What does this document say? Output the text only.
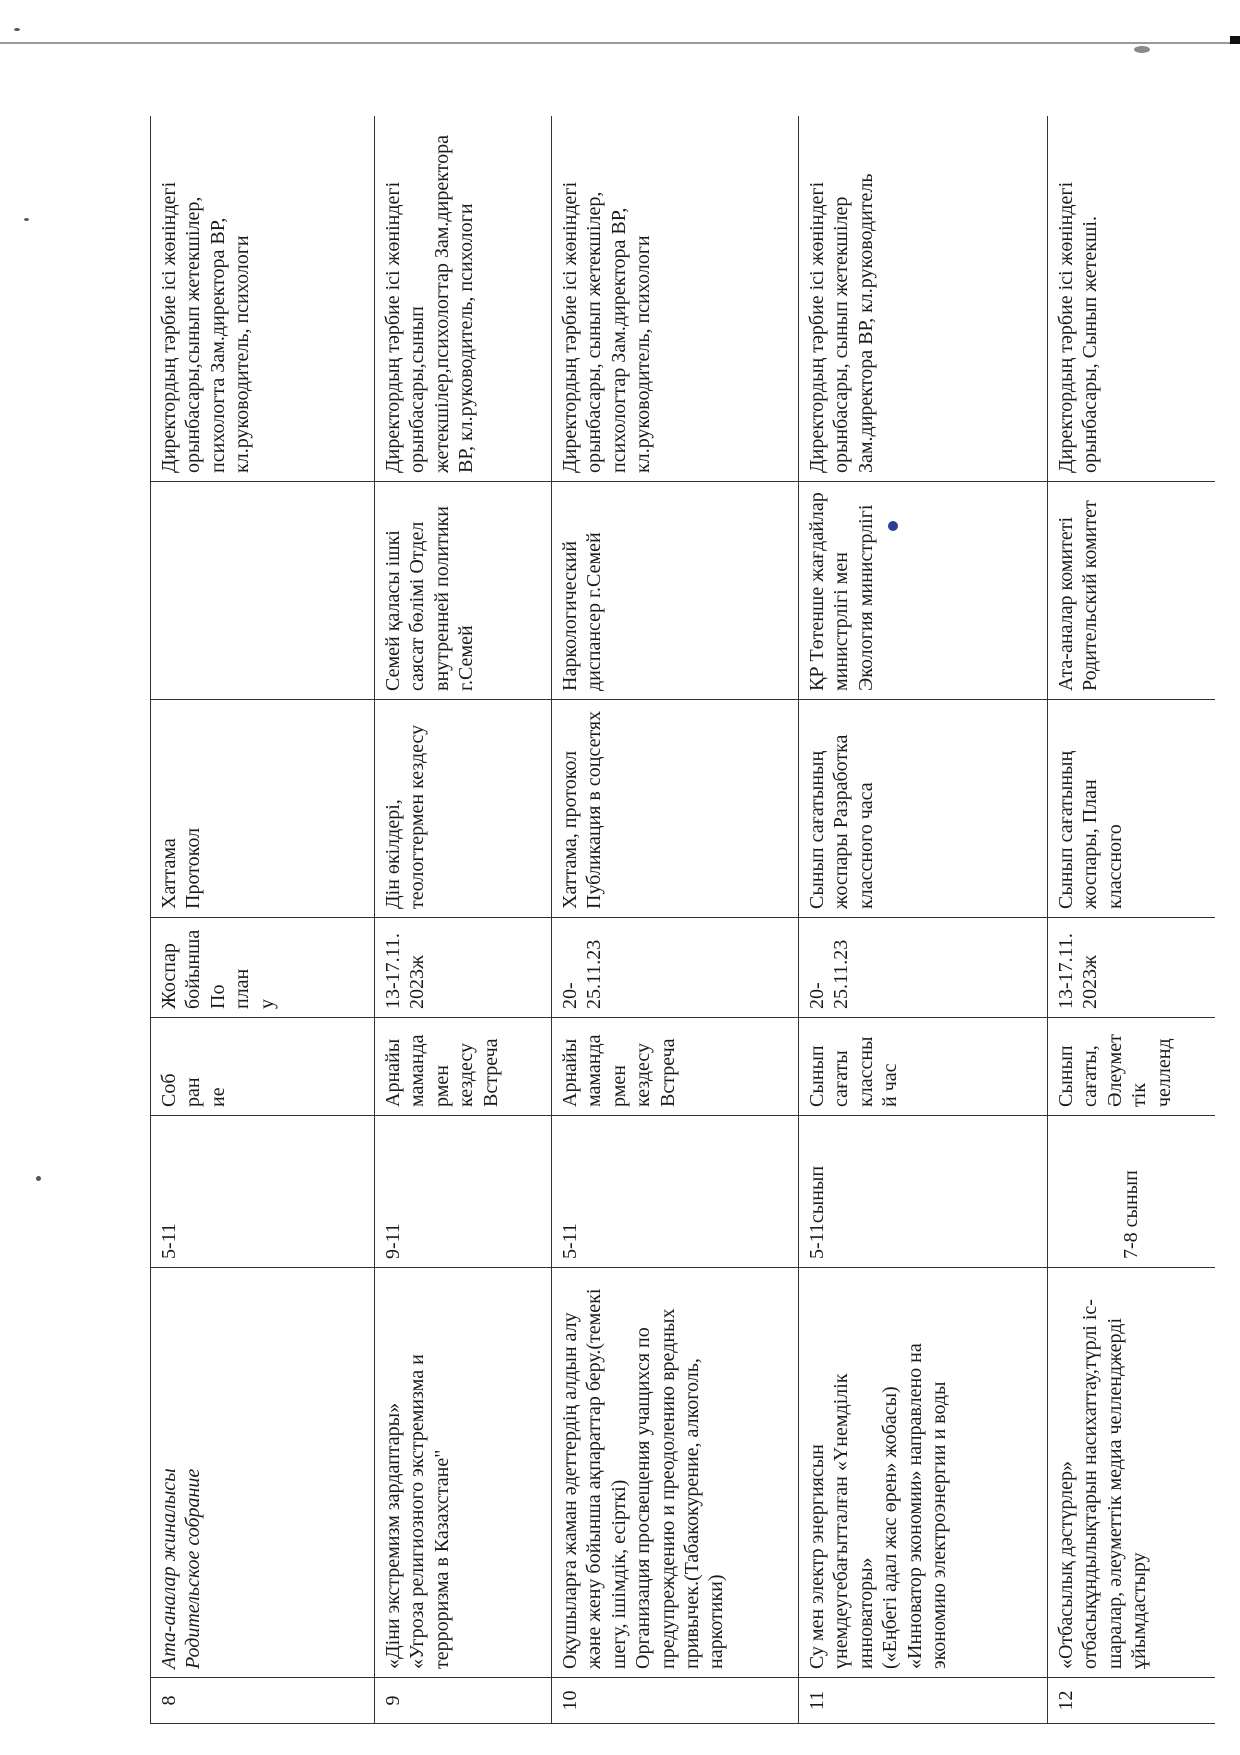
8	Ата-аналар жиналысы
Родительское собрание	5-11	Соб
ран
ие	Жоспар
бойынша
По
план
у	Хаттама
Протокол		Директордың тәрбие ісі жөніндегі орынбасары,сынып жетекшілер, психологта Зам.директора ВР, кл.руководитель, психологи
9	«Діни экстремизм зардаптары»
«Угроза религиозного экстремизма и терроризма в Казахстане"	9-11	Арнайы мамандармен кездесу Встреча	13-17.11. 2023ж	Дін өкілдері, теологтермен кездесу	Семей қаласы ішкі саясат бөлімі Отдел внутренней политики г.Семей	Директордың тәрбие ісі жөніндегі орынбасары,сынып жетекшілер,психологтар Зам.директора ВР, кл.руководитель, психологи
10	Оқушыларға жаман әдеттердің алдын алу және жену бойынша ақпараттар беру.(темекі шегу, ішімдік, есірткі)
Организация просвещения учащихся по предупреждению и преодолению вредных привычек.(Табакокурение, алкоголь, наркотики)	5-11	Арнайы мамандармен кездесу Встреча	20-
25.11.23	Хаттама, протокол Публикация в соцсетях	Наркологический диспансер г.Семей	Директордың тәрбие ісі жөніндегі орынбасары, сынып жетекшілер, психологтар Зам.директора ВР, кл.руководитель, психологи
11	Су мен электр энергиясын үнемдеугебағытталған «Үнемділік инноваторы»
(«Еңбегі адал жас өрен» жобасы)
«Инноватор экономии» направлено на экономию электроэнергии и воды	5-11сынып	Сынып сағаты классный час	20-25.11.23	Сынып сағатының жоспары Разработка классного часа	ҚР Төтенше жағдайлар министрлігі мен Экология министрлігі	Директордың тәрбие ісі жөніндегі орынбасары, сынып жетекшілер Зам.директора ВР, кл.руководитель
12	«Отбасылық дәстүрлер» отбасықұндылықтарын насихаттау,түрлі іс-шаралар, әлеуметтік медиа челленджерді ұйымдастыру	7-8 сынып	Сынып сағаты, Әлеуметтік челленд	13-17.11. 2023ж	Сынып сағатының жоспары, План классного	Ата-аналар комитеті Родительский комитет	Директордың тәрбие ісі жөніндегі орынбасары, Сынып жетекші.
